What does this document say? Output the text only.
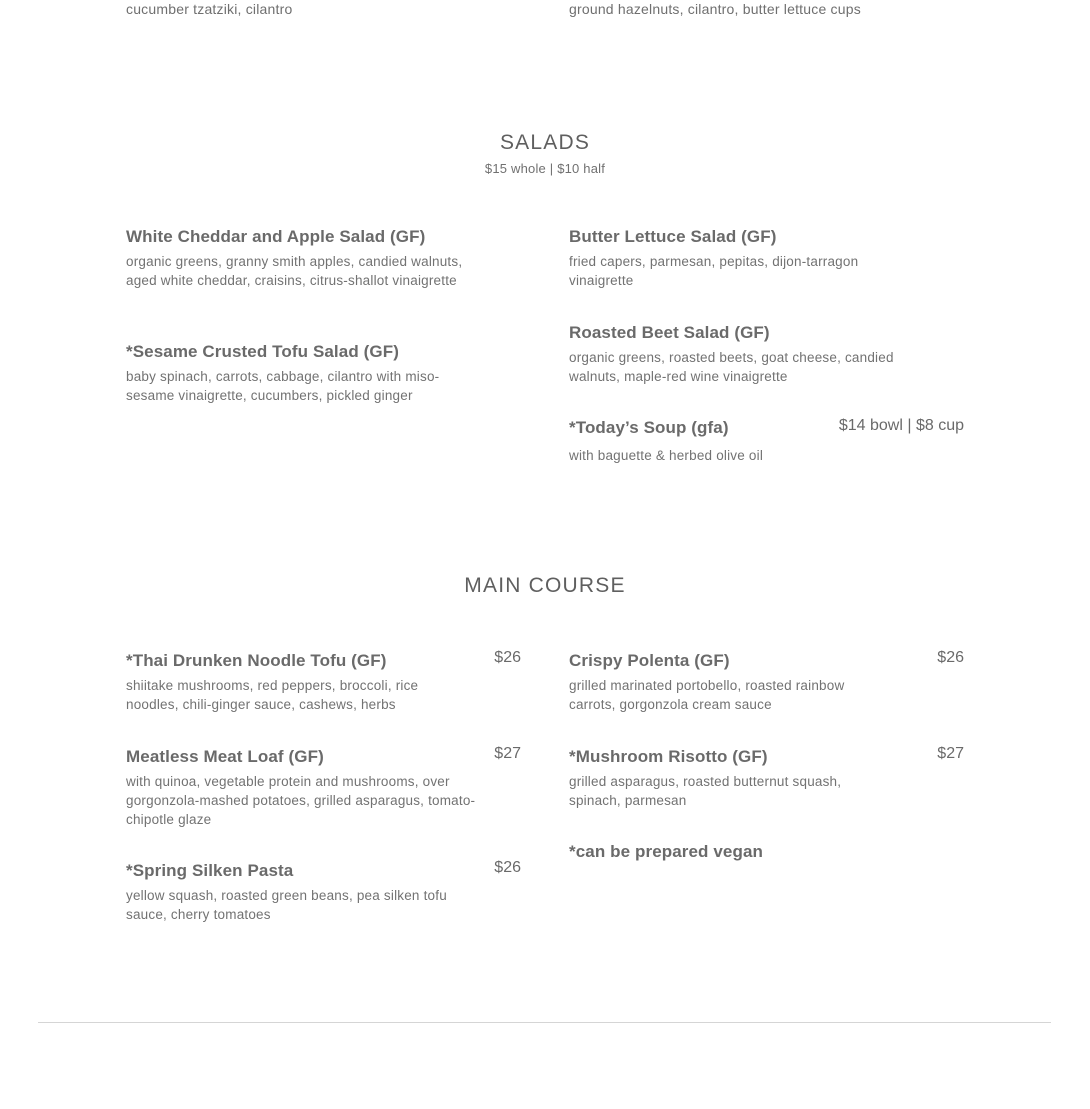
cucumber tzatziki, cilantro	ground hazelnuts, cilantro, butter lettuce cups
SALADS
$15 whole | $10 half

White Cheddar and Apple Salad (GF)

organic greens, granny smith apples, candied walnuts, aged white cheddar, craisins, citrus-shallot vinaigrette

*Sesame Crusted Tofu Salad (GF)

baby spinach, carrots, cabbage, cilantro with miso-sesame vinaigrette, cucumbers, pickled ginger

Butter Lettuce Salad (GF)

fried capers, parmesan, pepitas, dijon-tarragon vinaigrette

Roasted Beet Salad (GF)

organic greens, roasted beets, goat cheese, candied walnuts, maple-red wine vinaigrette

*Today’s Soup (gfa)	$14 bowl | $8 cup

with baguette & herbed olive oil

MAIN COURSE

*Thai Drunken Noodle Tofu (GF)	$26

shiitake mushrooms, red peppers, broccoli, rice noodles, chili-ginger sauce, cashews, herbs

Meatless Meat Loaf (GF)	$27

with quinoa, vegetable protein and mushrooms, over gorgonzola-mashed potatoes, grilled asparagus, tomato-chipotle glaze

*Spring Silken Pasta	$26

yellow squash, roasted green beans, pea silken tofu sauce, cherry tomatoes

Crispy Polenta (GF)	$26

grilled marinated portobello, roasted rainbow carrots, gorgonzola cream sauce

*Mushroom Risotto (GF)	$27

grilled asparagus, roasted butternut squash, spinach, parmesan

*can be prepared vegan
